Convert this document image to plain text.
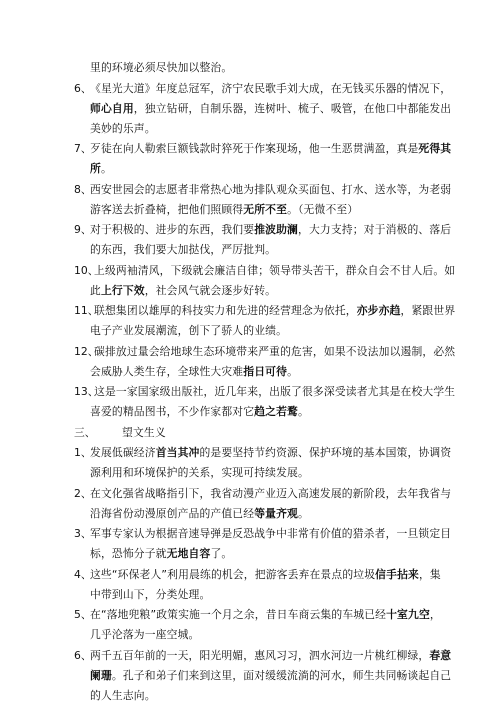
里的环境必须尽快加以整治。
6、
《星光大道》年度总冠军，济宁农民歌手刘大成，在无钱买乐器的情况下，
师心自用，独立钻研，自制乐器，连树叶、梳子、吸管，在他口中都能发出
美妙的乐声。
7、
歹徒在向人勒索巨额钱款时猝死于作案现场，他一生恶贯满盈，真是死得其
所。
8、
西安世园会的志愿者非常热心地为排队观众买面包、打水、送水等，为老弱
游客送去折叠椅，把他们照顾得无所不至。（无微不至）
9、
对于积极的、进步的东西，我们要推波助澜，大力支持；对于消极的、落后
的东西，我们要大加挞伐，严厉批判。
10、
上级两袖清风，下级就会廉洁自律；领导带头苦干，群众自会不甘人后。如
此上行下效，社会风气就会逐步好转。
11、
联想集团以雄厚的科技实力和先进的经营理念为依托，亦步亦趋，紧跟世界
电子产业发展潮流，创下了骄人的业绩。
12、
碳排放过量会给地球生态环境带来严重的危害，如果不设法加以遏制，必然
会威胁人类生存，全球性大灾难指日可待。
13、
这是一家国家级出版社，近几年来，出版了很多深受读者尤其是在校大学生
喜爱的精品图书，不少作家都对它趋之若鹜。
三、 望文生义
1、
发展低碳经济首当其冲的是要坚持节约资源、保护环境的基本国策，协调资
源利用和环境保护的关系，实现可持续发展。
2、
在文化强省战略指引下，我省动漫产业迈入高速发展的新阶段，去年我省与
沿海省份动漫原创产品的产值已经等量齐观。
3、
军事专家认为根据音速导弹是反恐战争中非常有价值的猎杀者，一旦锁定目
标，恐怖分子就无地自容了。
4、
这些“环保老人”利用晨练的机会，把游客丢弃在景点的垃圾信手拈来，集
中带到山下，分类处理。
5、
在“落地兜粮”政策实施一个月之余，昔日车商云集的车城已经十室九空，
几乎沦落为一座空城。
6、
两千五百年前的一天，阳光明媚，惠风习习，泗水河边一片桃红柳绿，春意
阑珊。孔子和弟子们来到这里，面对缓缓流淌的河水，师生共同畅谈起自己
的人生志向。
